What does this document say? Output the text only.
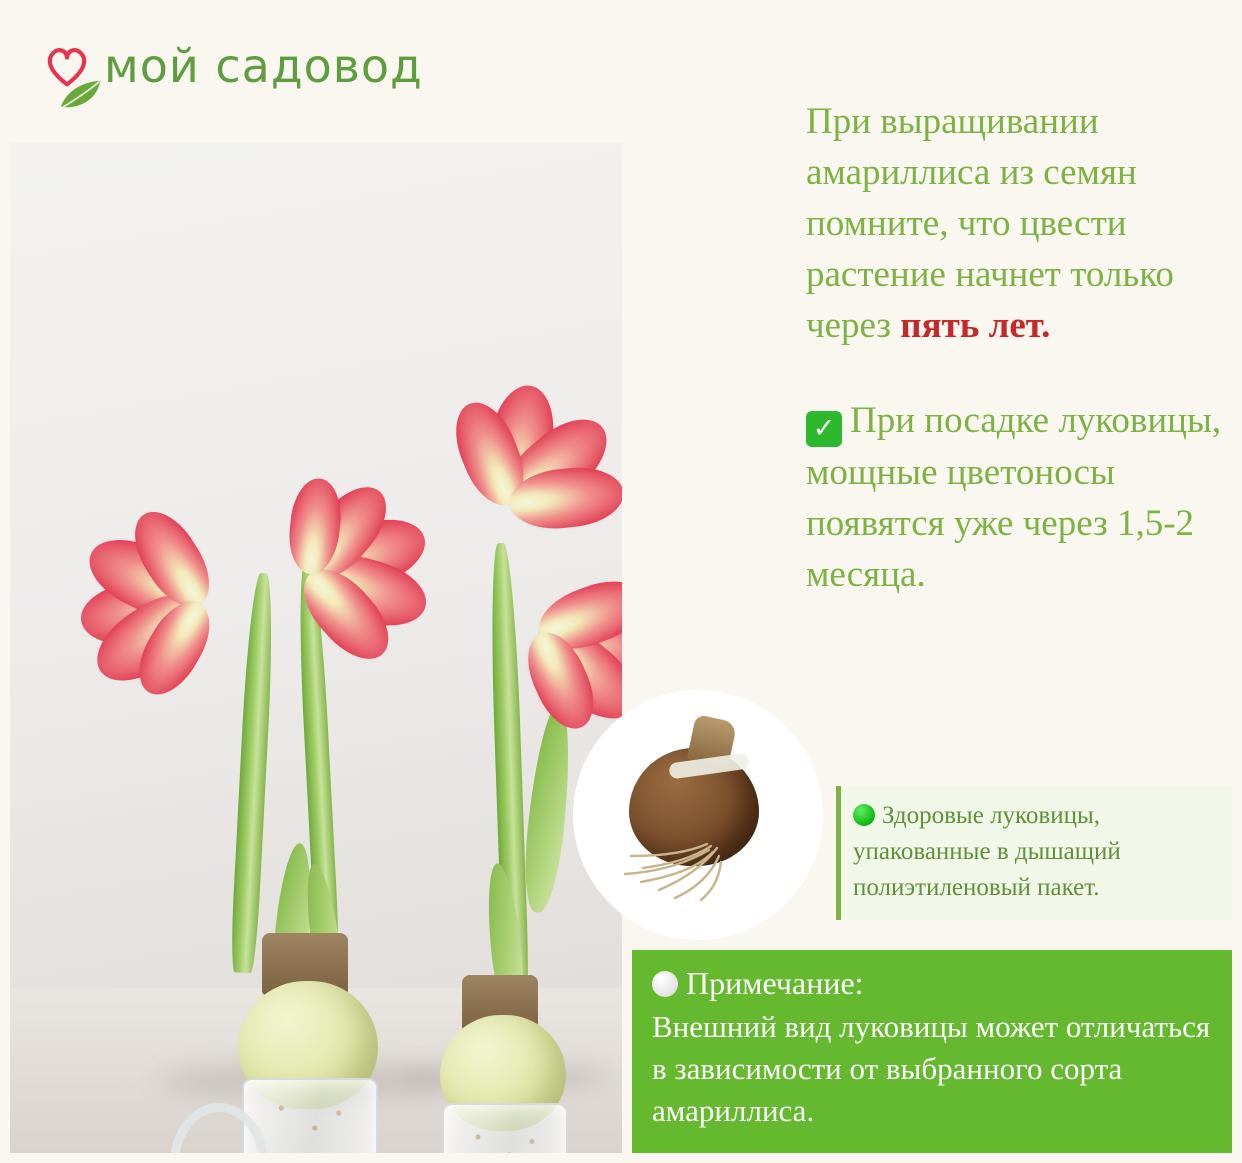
мой садовод
При выращивании амариллиса из семян помните, что цвести растение начнет только через пять лет.
✓ При посадке луковицы, мощные цветоносы появятся уже через 1,5-2 месяца.
Здоровые луковицы, упакованные в дышащий полиэтиленовый пакет.
Примечание:
Внешний вид луковицы может отличаться в зависимости от выбранного сорта амариллиса.
